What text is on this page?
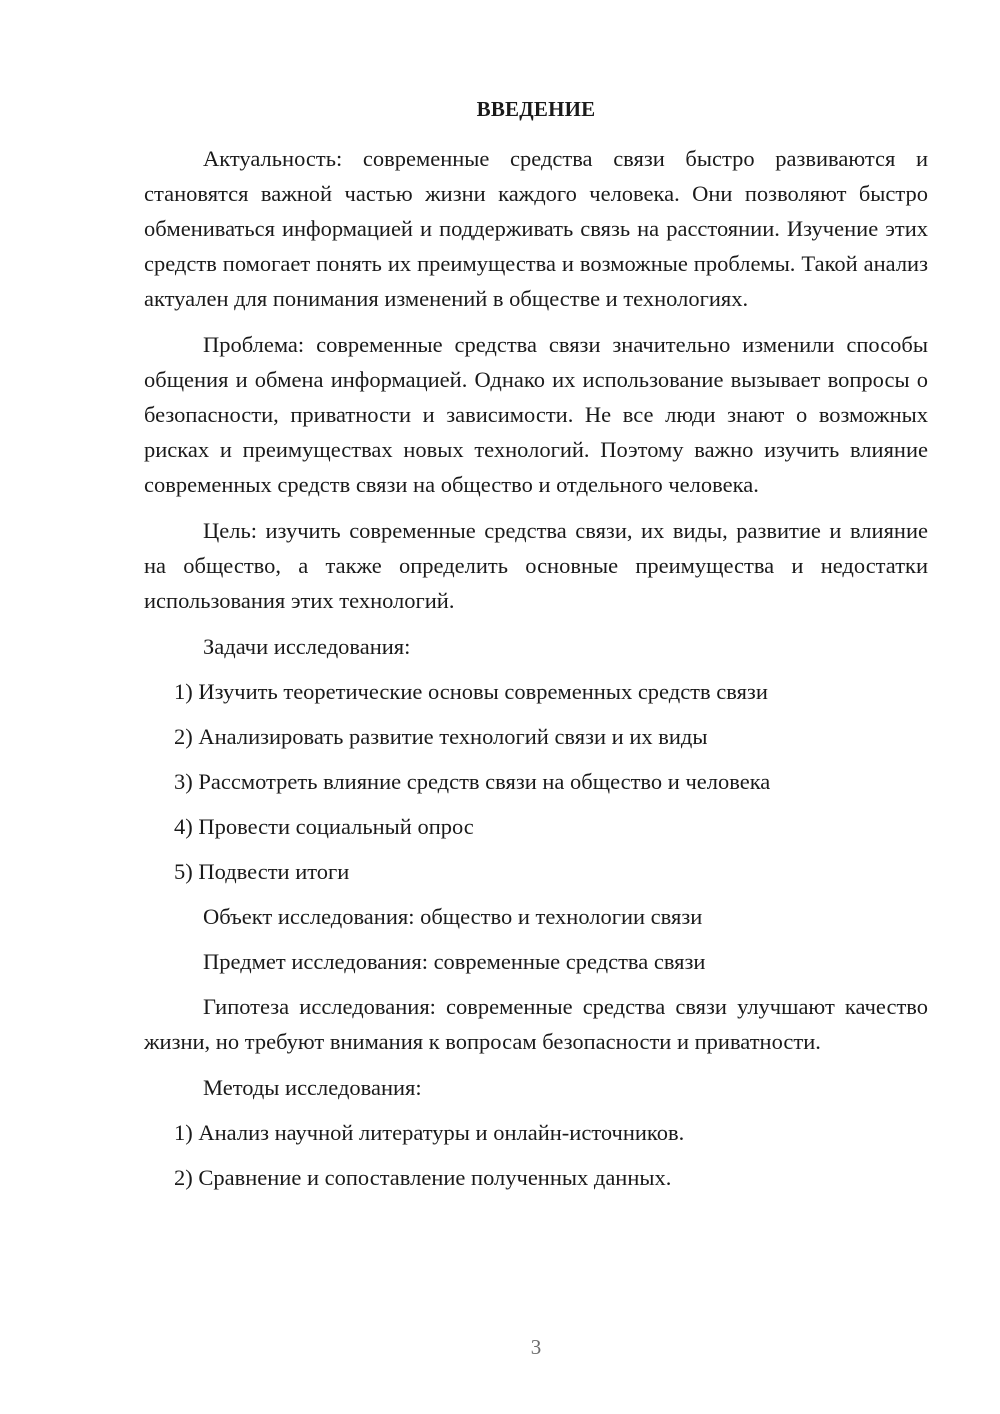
ВВЕДЕНИЕ

Актуальность: современные средства связи быстро развиваются и становятся важной частью жизни каждого человека. Они позволяют быстро обмениваться информацией и поддерживать связь на расстоянии. Изучение этих средств помогает понять их преимущества и возможные проблемы. Такой анализ актуален для понимания изменений в обществе и технологиях.

Проблема: современные средства связи значительно изменили способы общения и обмена информацией. Однако их использование вызывает вопросы о безопасности, приватности и зависимости. Не все люди знают о возможных рисках и преимуществах новых технологий. Поэтому важно изучить влияние современных средств связи на общество и отдельного человека.

Цель: изучить современные средства связи, их виды, развитие и влияние на общество, а также определить основные преимущества и недостатки использования этих технологий.

Задачи исследования:
1) Изучить теоретические основы современных средств связи
2) Анализировать развитие технологий связи и их виды
3) Рассмотреть влияние средств связи на общество и человека
4) Провести социальный опрос
5) Подвести итоги
Объект исследования: общество и технологии связи
Предмет исследования: современные средства связи

Гипотеза исследования: современные средства связи улучшают качество жизни, но требуют внимания к вопросам безопасности и приватности.

Методы исследования:
1) Анализ научной литературы и онлайн-источников.
2) Сравнение и сопоставление полученных данных.
3
